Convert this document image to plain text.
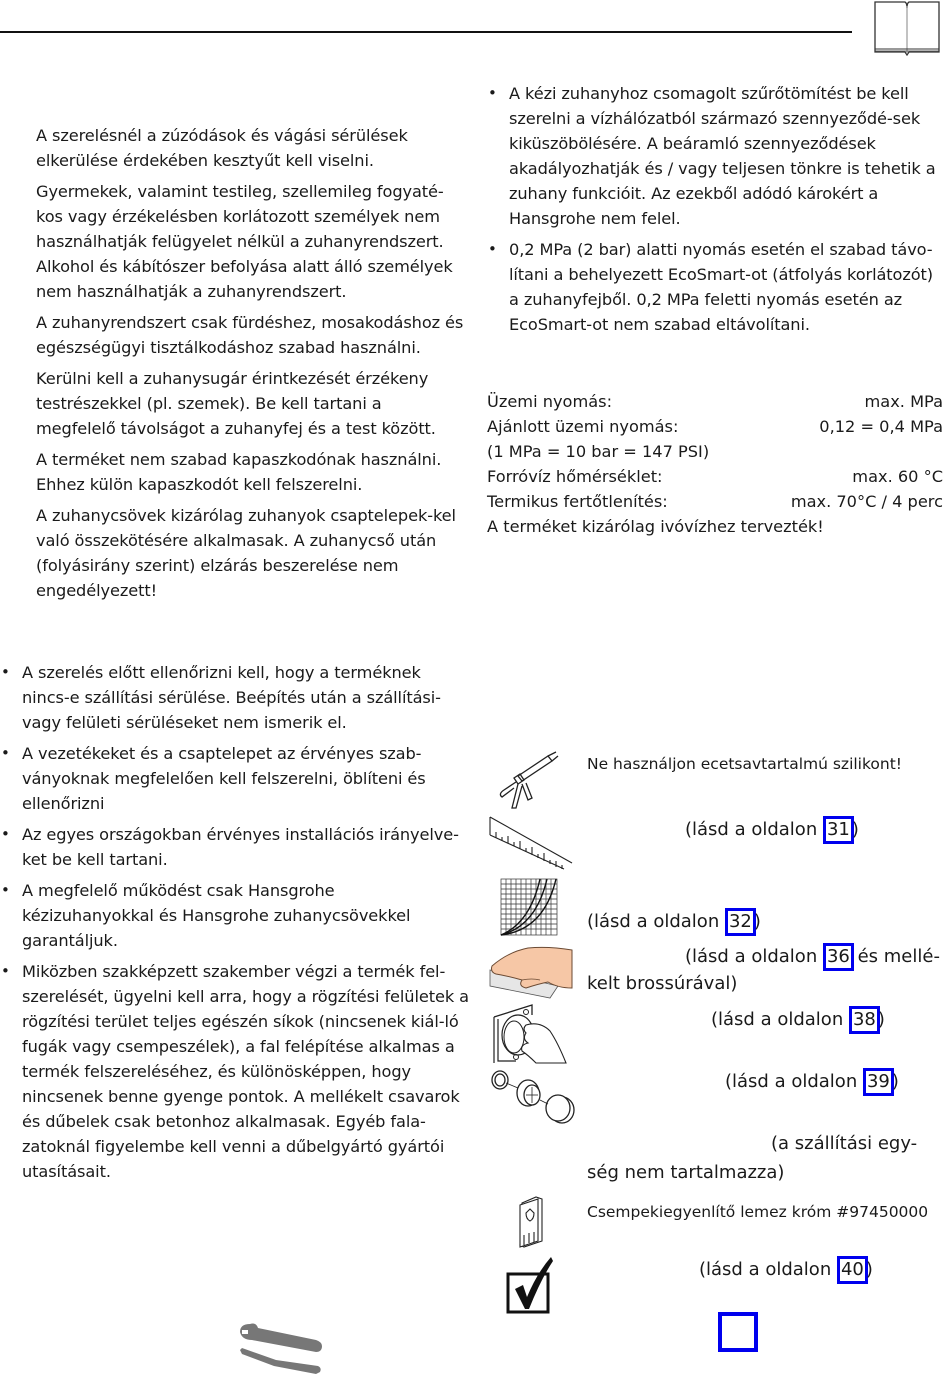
A szerelésnél a zúzódások és vágási sérülések elkerülése érdekében kesztyűt kell viselni.

Gyermekek, valamint testileg, szellemileg fogyaté-kos vagy érzékelésben korlátozott személyek nem használhatják felügyelet nélkül a zuhanyrendszert. Alkohol és kábítószer befolyása alatt álló személyek nem használhatják a zuhanyrendszert.

A zuhanyrendszert csak fürdéshez, mosakodáshoz és egészségügyi tisztálkodáshoz szabad használni.

Kerülni kell a zuhanysugár érintkezését érzékeny testrészekkel (pl. szemek). Be kell tartani a megfelelő távolságot a zuhanyfej és a test között.

A terméket nem szabad kapaszkodónak használni. Ehhez külön kapaszkodót kell felszerelni.

A zuhanycsövek kizárólag zuhanyok csaptelepek-kel való összekötésére alkalmasak. A zuhanycső után (folyásirány szerint) elzárás beszerelése nem engedélyezett!

• A kézi zuhanyhoz csomagolt szűrőtömítést be kell szerelni a vízhálózatból származó szennyeződé-sek kiküszöbölésére. A beáramló szennyeződések akadályozhatják és / vagy teljesen tönkre is tehetik a zuhany funkcióit. Az ezekből adódó károkért a Hansgrohe nem felel.
• 0,2 MPa (2 bar) alatti nyomás esetén el szabad távo-lítani a behelyezett EcoSmart-ot (átfolyás korlátozót) a zuhanyfejből. 0,2 MPa feletti nyomás esetén az EcoSmart-ot nem szabad eltávolítani.
Üzemi nyomás:	max. MPa
Ajánlott üzemi nyomás:	0,12 = 0,4 MPa
(1 MPa = 10 bar = 147 PSI)
Forróvíz hőmérséklet:	max. 60 °C
Termikus fertőtlenítés:	max. 70°C / 4 perc
A terméket kizárólag ivóvízhez tervezték!
• A szerelés előtt ellenőrizni kell, hogy a terméknek nincs-e szállítási sérülése. Beépítés után a szállítási- vagy felületi sérüléseket nem ismerik el.
• A vezetékeket és a csaptelepet az érvényes szab-ványoknak megfelelően kell felszerelni, öblíteni és ellenőrizni
• Az egyes országokban érvényes installációs irányelve-ket be kell tartani.
• A megfelelő működést csak Hansgrohe kézizuhanyokkal és Hansgrohe zuhanycsövekkel garantáljuk.
• Miközben szakképzett szakember végzi a termék fel-szerelését, ügyelni kell arra, hogy a rögzítési felületek a rögzítési terület teljes egészén síkok (nincsenek kiál-ló fugák vagy csempeszélek), a fal felépítése alkalmas a termék felszereléséhez, és különösképpen, hogy nincsenek benne gyenge pontok. A mellékelt csavarok és dűbelek csak betonhoz alkalmasak. Egyéb fala-zatoknál figyelembe kell venni a dűbelgyártó gyártói utasításait.
Ne használjon ecetsavtartalmú szilikont!
(lásd a oldalon 31 )
(lásd a oldalon 32 )
(lásd a oldalon 36 és mellé-
kelt brossúrával)
(lásd a oldalon 38 )
(lásd a oldalon 39 )
(a szállítási egy-
ség nem tartalmazza)
Csempekiegyenlítő lemez króm #97450000
(lásd a oldalon 40 )
